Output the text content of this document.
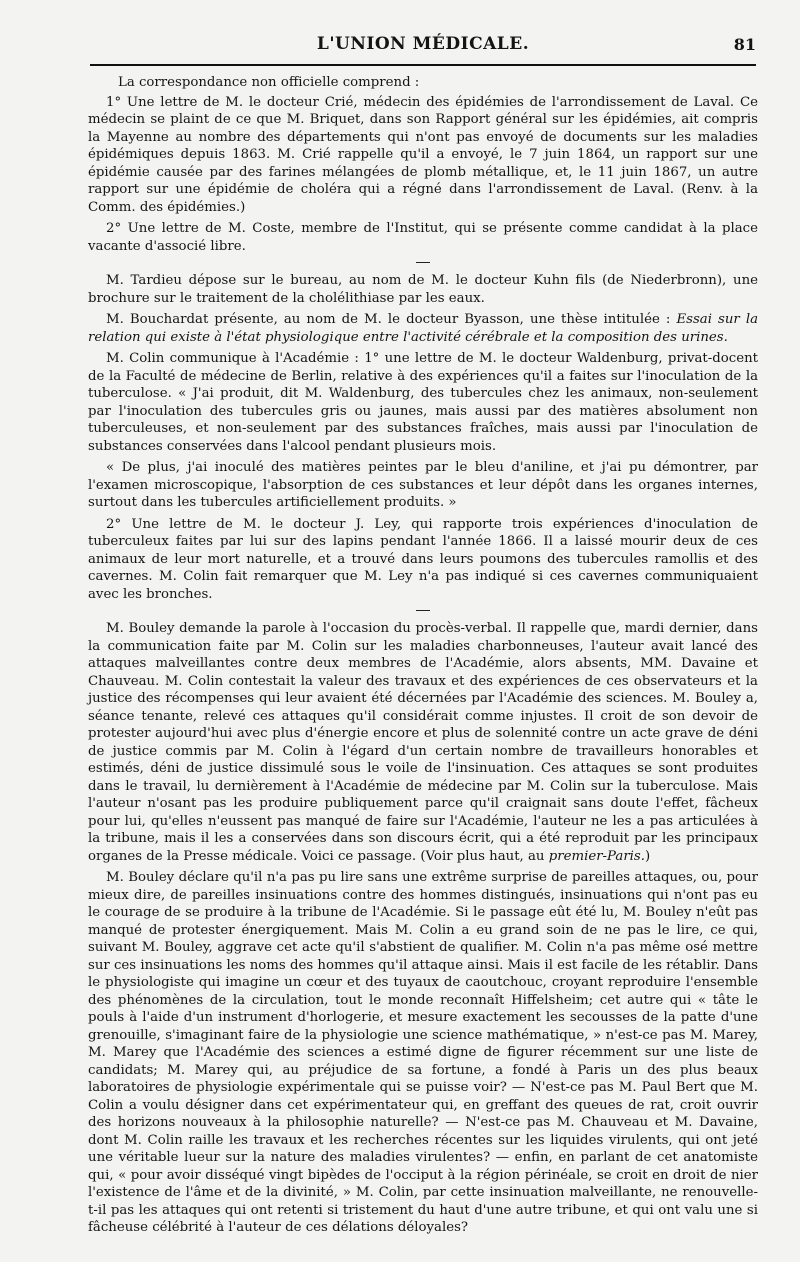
L'UNION MÉDICALE.	81

La correspondance non officielle comprend :

1° Une lettre de M. le docteur Crié, médecin des épidémies de l'arrondissement de Laval. Ce médecin se plaint de ce que M. Briquet, dans son Rapport général sur les épidémies, ait compris la Mayenne au nombre des départements qui n'ont pas envoyé de documents sur les maladies épidémiques depuis 1863. M. Crié rappelle qu'il a envoyé, le 7 juin 1864, un rapport sur une épidémie causée par des farines mélangées de plomb métallique, et, le 11 juin 1867, un autre rapport sur une épidémie de choléra qui a régné dans l'arrondissement de Laval. (Renv. à la Comm. des épidémies.)

2° Une lettre de M. Coste, membre de l'Institut, qui se présente comme candidat à la place vacante d'associé libre.

M. Tardieu dépose sur le bureau, au nom de M. le docteur Kuhn fils (de Niederbronn), une brochure sur le traitement de la cholélithiase par les eaux.

M. Bouchardat présente, au nom de M. le docteur Byasson, une thèse intitulée : Essai sur la relation qui existe à l'état physiologique entre l'activité cérébrale et la composition des urines.

M. Colin communique à l'Académie : 1° une lettre de M. le docteur Waldenburg, privat-docent de la Faculté de médecine de Berlin, relative à des expériences qu'il a faites sur l'inoculation de la tuberculose. « J'ai produit, dit M. Waldenburg, des tubercules chez les animaux, non-seulement par l'inoculation des tubercules gris ou jaunes, mais aussi par des matières absolument non tuberculeuses, et non-seulement par des substances fraîches, mais aussi par l'inoculation de substances conservées dans l'alcool pendant plusieurs mois.

« De plus, j'ai inoculé des matières peintes par le bleu d'aniline, et j'ai pu démontrer, par l'examen microscopique, l'absorption de ces substances et leur dépôt dans les organes internes, surtout dans les tubercules artificiellement produits. »

2° Une lettre de M. le docteur J. Ley, qui rapporte trois expériences d'inoculation de tuberculeux faites par lui sur des lapins pendant l'année 1866. Il a laissé mourir deux de ces animaux de leur mort naturelle, et a trouvé dans leurs poumons des tubercules ramollis et des cavernes. M. Colin fait remarquer que M. Ley n'a pas indiqué si ces cavernes communiquaient avec les bronches.

M. Bouley demande la parole à l'occasion du procès-verbal. Il rappelle que, mardi dernier, dans la communication faite par M. Colin sur les maladies charbonneuses, l'auteur avait lancé des attaques malveillantes contre deux membres de l'Académie, alors absents, MM. Davaine et Chauveau. M. Colin contestait la valeur des travaux et des expériences de ces observateurs et la justice des récompenses qui leur avaient été décernées par l'Académie des sciences. M. Bouley a, séance tenante, relevé ces attaques qu'il considérait comme injustes. Il croit de son devoir de protester aujourd'hui avec plus d'énergie encore et plus de solennité contre un acte grave de déni de justice commis par M. Colin à l'égard d'un certain nombre de travailleurs honorables et estimés, déni de justice dissimulé sous le voile de l'insinuation. Ces attaques se sont produites dans le travail, lu dernièrement à l'Académie de médecine par M. Colin sur la tuberculose. Mais l'auteur n'osant pas les produire publiquement parce qu'il craignait sans doute l'effet, fâcheux pour lui, qu'elles n'eussent pas manqué de faire sur l'Académie, l'auteur ne les a pas articulées à la tribune, mais il les a conservées dans son discours écrit, qui a été reproduit par les principaux organes de la Presse médicale. Voici ce passage. (Voir plus haut, au premier-Paris.)

M. Bouley déclare qu'il n'a pas pu lire sans une extrême surprise de pareilles attaques, ou, pour mieux dire, de pareilles insinuations contre des hommes distingués, insinuations qui n'ont pas eu le courage de se produire à la tribune de l'Académie. Si le passage eût été lu, M. Bouley n'eût pas manqué de protester énergiquement. Mais M. Colin a eu grand soin de ne pas le lire, ce qui, suivant M. Bouley, aggrave cet acte qu'il s'abstient de qualifier. M. Colin n'a pas même osé mettre sur ces insinuations les noms des hommes qu'il attaque ainsi. Mais il est facile de les rétablir. Dans le physiologiste qui imagine un cœur et des tuyaux de caoutchouc, croyant reproduire l'ensemble des phénomènes de la circulation, tout le monde reconnaît Hiffelsheim; cet autre qui « tâte le pouls à l'aide d'un instrument d'horlogerie, et mesure exactement les secousses de la patte d'une grenouille, s'imaginant faire de la physiologie une science mathématique, » n'est-ce pas M. Marey, M. Marey que l'Académie des sciences a estimé digne de figurer récemment sur une liste de candidats; M. Marey qui, au préjudice de sa fortune, a fondé à Paris un des plus beaux laboratoires de physiologie expérimentale qui se puisse voir? — N'est-ce pas M. Paul Bert que M. Colin a voulu désigner dans cet expérimentateur qui, en greffant des queues de rat, croit ouvrir des horizons nouveaux à la philosophie naturelle? — N'est-ce pas M. Chauveau et M. Davaine, dont M. Colin raille les travaux et les recherches récentes sur les liquides virulents, qui ont jeté une véritable lueur sur la nature des maladies virulentes? — enfin, en parlant de cet anatomiste qui, « pour avoir disséqué vingt bipèdes de l'occiput à la région périnéale, se croit en droit de nier l'existence de l'âme et de la divinité, » M. Colin, par cette insinuation malveillante, ne renouvelle-t-il pas les attaques qui ont retenti si tristement du haut d'une autre tribune, et qui ont valu une si fâcheuse célébrité à l'auteur de ces délations déloyales?
